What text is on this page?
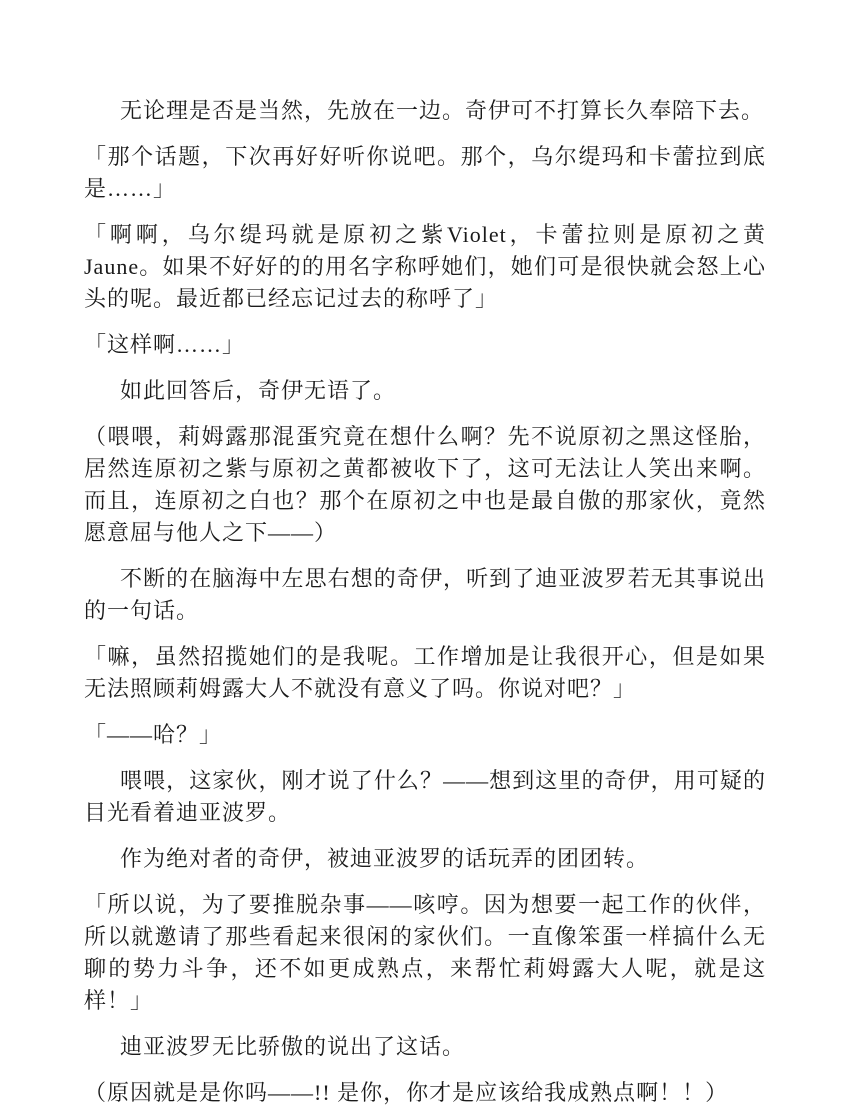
无论理是否是当然，先放在一边。奇伊可不打算长久奉陪下去。

「那个话题，下次再好好听你说吧。那个，乌尔缇玛和卡蕾拉到底是……」

「啊啊，乌尔缇玛就是原初之紫Violet，卡蕾拉则是原初之黄Jaune。如果不好好的的用名字称呼她们，她们可是很快就会怒上心头的呢。最近都已经忘记过去的称呼了」

「这样啊……」

如此回答后，奇伊无语了。

（喂喂，莉姆露那混蛋究竟在想什么啊？先不说原初之黑这怪胎，居然连原初之紫与原初之黄都被收下了，这可无法让人笑出来啊。而且，连原初之白也？那个在原初之中也是最自傲的那家伙，竟然愿意屈与他人之下——）

不断的在脑海中左思右想的奇伊，听到了迪亚波罗若无其事说出的一句话。

「嘛，虽然招揽她们的是我呢。工作增加是让我很开心，但是如果无法照顾莉姆露大人不就没有意义了吗。你说对吧？」

「——哈？」

喂喂，这家伙，刚才说了什么？——想到这里的奇伊，用可疑的目光看着迪亚波罗。

作为绝对者的奇伊，被迪亚波罗的话玩弄的团团转。

「所以说，为了要推脱杂事——咳哼。因为想要一起工作的伙伴，所以就邀请了那些看起来很闲的家伙们。一直像笨蛋一样搞什么无聊的势力斗争，还不如更成熟点，来帮忙莉姆露大人呢，就是这样！」

迪亚波罗无比骄傲的说出了这话。

（原因就是是你吗——!! 是你，你才是应该给我成熟点啊！！）
